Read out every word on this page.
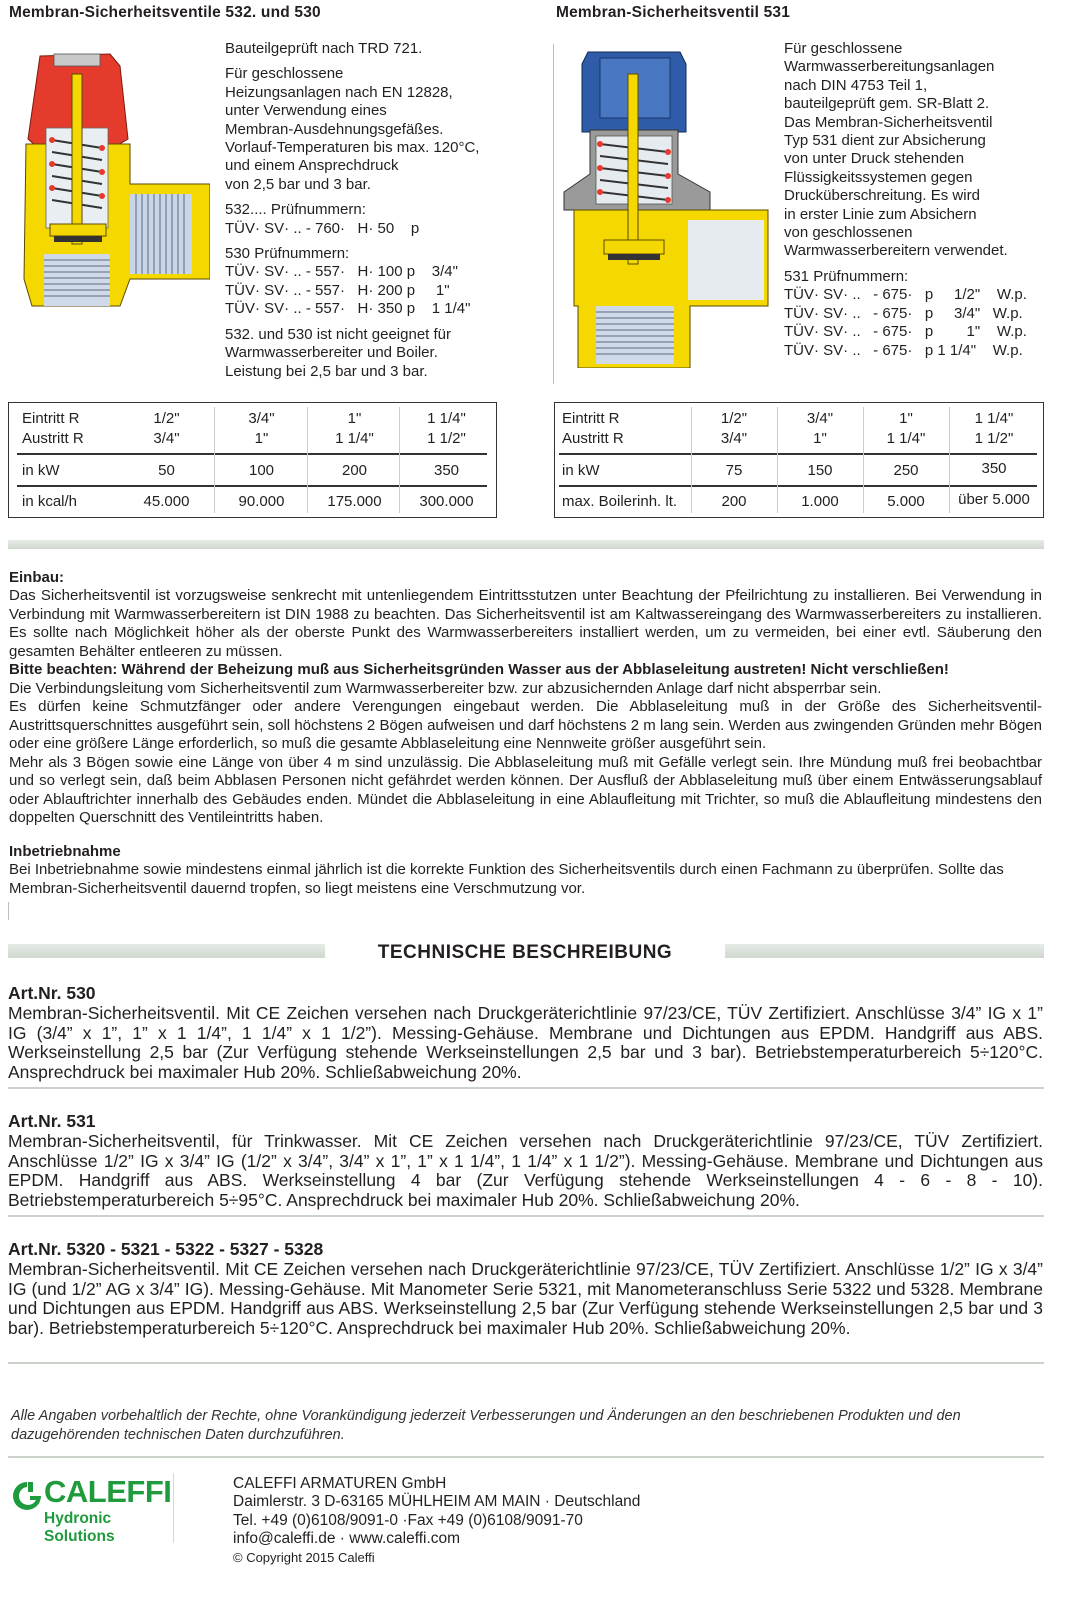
Membran-Sicherheitsventile 532. und 530	Membran-Sicherheitsventil 531

Bauteilgeprüft nach TRD 721.

Für geschlossene
Heizungsanlagen nach EN 12828,
unter Verwendung eines
Membran-Ausdehnungsgefäßes.
Vorlauf-Temperaturen bis max. 120°C,
und einem Ansprechdruck
von 2,5 bar und 3 bar.

532.... Prüfnummern:
TÜV· SV· .. - 760·   H· 50    p

530 Prüfnummern:
TÜV· SV· .. - 557·   H· 100 p    3/4"
TÜV· SV· .. - 557·   H· 200 p     1"
TÜV· SV· .. - 557·   H· 350 p    1 1/4"

532. und 530 ist nicht geeignet für
Warmwasserbereiter und Boiler.
Leistung bei 2,5 bar und 3 bar.

Für geschlossene
Warmwasserbereitungsanlagen
nach DIN 4753 Teil 1,
bauteilgeprüft gem. SR-Blatt 2.
Das Membran-Sicherheitsventil
Typ 531 dient zur Absicherung
von unter Druck stehenden
Flüssigkeitssystemen gegen
Drucküberschreitung. Es wird
in erster Linie zum Absichern
von geschlossenen
Warmwasserbereitern verwendet.

531 Prüfnummern:
TÜV· SV· ..   - 675·   p     1/2"    W.p.
TÜV· SV· ..   - 675·   p     3/4"   W.p.
TÜV· SV· ..   - 675·   p        1"    W.p.
TÜV· SV· ..   - 675·   p 1 1/4"    W.p.

Eintritt R
Austritt R
1/2"	3/4"	1"	1 1/4"
3/4"	1"	1 1/4"	1 1/2"
in kW	50	100	200	350
in kcal/h	45.000	90.000	175.000	300.000
Eintritt R
Austritt R
1/2"	3/4"	1"	1 1/4"
3/4"	1"	1 1/4"	1 1/2"
in kW	75	150	250	350
max. Boilerinh. lt.	200	1.000	5.000	über 5.000
Einbau:
Das Sicherheitsventil ist vorzugsweise senkrecht mit untenliegendem Eintrittsstutzen unter Beachtung der Pfeilrichtung zu installieren. Bei Verwendung in Verbindung mit Warmwasserbereitern ist DIN 1988 zu beachten. Das Sicherheitsventil ist am Kaltwassereingang des Warmwasserbereiters zu installieren. Es sollte nach Möglichkeit höher als der oberste Punkt des Warmwasserbereiters installiert werden, um zu vermeiden, bei einer evtl. Säuberung den gesamten Behälter entleeren zu müssen.
Bitte beachten: Während der Beheizung muß aus Sicherheitsgründen Wasser aus der Abblaseleitung austreten! Nicht verschließen!
Die Verbindungsleitung vom Sicherheitsventil zum Warmwasserbereiter bzw. zur abzusichernden Anlage darf nicht absperrbar sein.
Es dürfen keine Schmutzfänger oder andere Verengungen eingebaut werden. Die Abblaseleitung muß in der Größe des Sicherheitsventil-Austrittsquerschnittes ausgeführt sein, soll höchstens 2 Bögen aufweisen und darf höchstens 2 m lang sein. Werden aus zwingenden Gründen mehr Bögen oder eine größere Länge erforderlich, so muß die gesamte Abblaseleitung eine Nennweite größer ausgeführt sein.
Mehr als 3 Bögen sowie eine Länge von über 4 m sind unzulässig. Die Abblaseleitung muß mit Gefälle verlegt sein. Ihre Mündung muß frei beobachtbar und so verlegt sein, daß beim Abblasen Personen nicht gefährdet werden können. Der Ausfluß der Abblaseleitung muß über einem Entwässerungsablauf oder Ablauftrichter innerhalb des Gebäudes enden. Mündet die Abblaseleitung in eine Ablaufleitung mit Trichter, so muß die Ablaufleitung mindestens den doppelten Querschnitt des Ventileintritts haben.
Inbetriebnahme
Bei Inbetriebnahme sowie mindestens einmal jährlich ist die korrekte Funktion des Sicherheitsventils durch einen Fachmann zu überprüfen. Sollte das Membran-Sicherheitsventil dauernd tropfen, so liegt meistens eine Verschmutzung vor.
TECHNISCHE BESCHREIBUNG
Art.Nr. 530
Membran-Sicherheitsventil. Mit CE Zeichen versehen nach Druckgeräterichtlinie 97/23/CE, TÜV Zertifiziert. Anschlüsse 3/4” IG x 1” IG (3/4” x 1”, 1” x 1 1/4”, 1 1/4” x 1 1/2”). Messing-Gehäuse. Membrane und Dichtungen aus EPDM. Handgriff aus ABS. Werkseinstellung 2,5 bar (Zur Verfügung stehende Werkseinstellungen 2,5 bar und 3 bar). Betriebstemperaturbereich 5÷120°C. Ansprechdruck bei maximaler Hub 20%. Schließabweichung 20%.
Art.Nr. 531
Membran-Sicherheitsventil, für Trinkwasser. Mit CE Zeichen versehen nach Druckgeräterichtlinie 97/23/CE, TÜV Zertifiziert. Anschlüsse 1/2” IG x 3/4” IG (1/2” x 3/4”, 3/4” x 1”, 1” x 1 1/4”, 1 1/4” x 1 1/2”). Messing-Gehäuse. Membrane und Dichtungen aus EPDM. Handgriff aus ABS. Werkseinstellung 4 bar (Zur Verfügung stehende Werkseinstellungen 4 - 6 - 8 - 10). Betriebstemperaturbereich 5÷95°C. Ansprechdruck bei maximaler Hub 20%. Schließabweichung 20%.
Art.Nr. 5320 - 5321 - 5322 - 5327 - 5328
Membran-Sicherheitsventil. Mit CE Zeichen versehen nach Druckgeräterichtlinie 97/23/CE, TÜV Zertifiziert. Anschlüsse 1/2” IG x 3/4” IG (und 1/2” AG x 3/4” IG). Messing-Gehäuse. Mit Manometer Serie 5321, mit Manometeranschluss Serie 5322 und 5328. Membrane und Dichtungen aus EPDM. Handgriff aus ABS. Werkseinstellung 2,5 bar (Zur Verfügung stehende Werkseinstellungen 2,5 bar und 3 bar). Betriebstemperaturbereich 5÷120°C. Ansprechdruck bei maximaler Hub 20%. Schließabweichung 20%.
Alle Angaben vorbehaltlich der Rechte, ohne Vorankündigung jederzeit Verbesserungen und Änderungen an den beschriebenen Produkten und den dazugehörenden technischen Daten durchzuführen.
CALEFFI
Hydronic Solutions
CALEFFI ARMATUREN GmbH
Daimlerstr. 3 D-63165 MÜHLHEIM AM MAIN · Deutschland
Tel. +49 (0)6108/9091-0 ·Fax +49 (0)6108/9091-70
info@caleffi.de · www.caleffi.com
© Copyright 2015 Caleffi
